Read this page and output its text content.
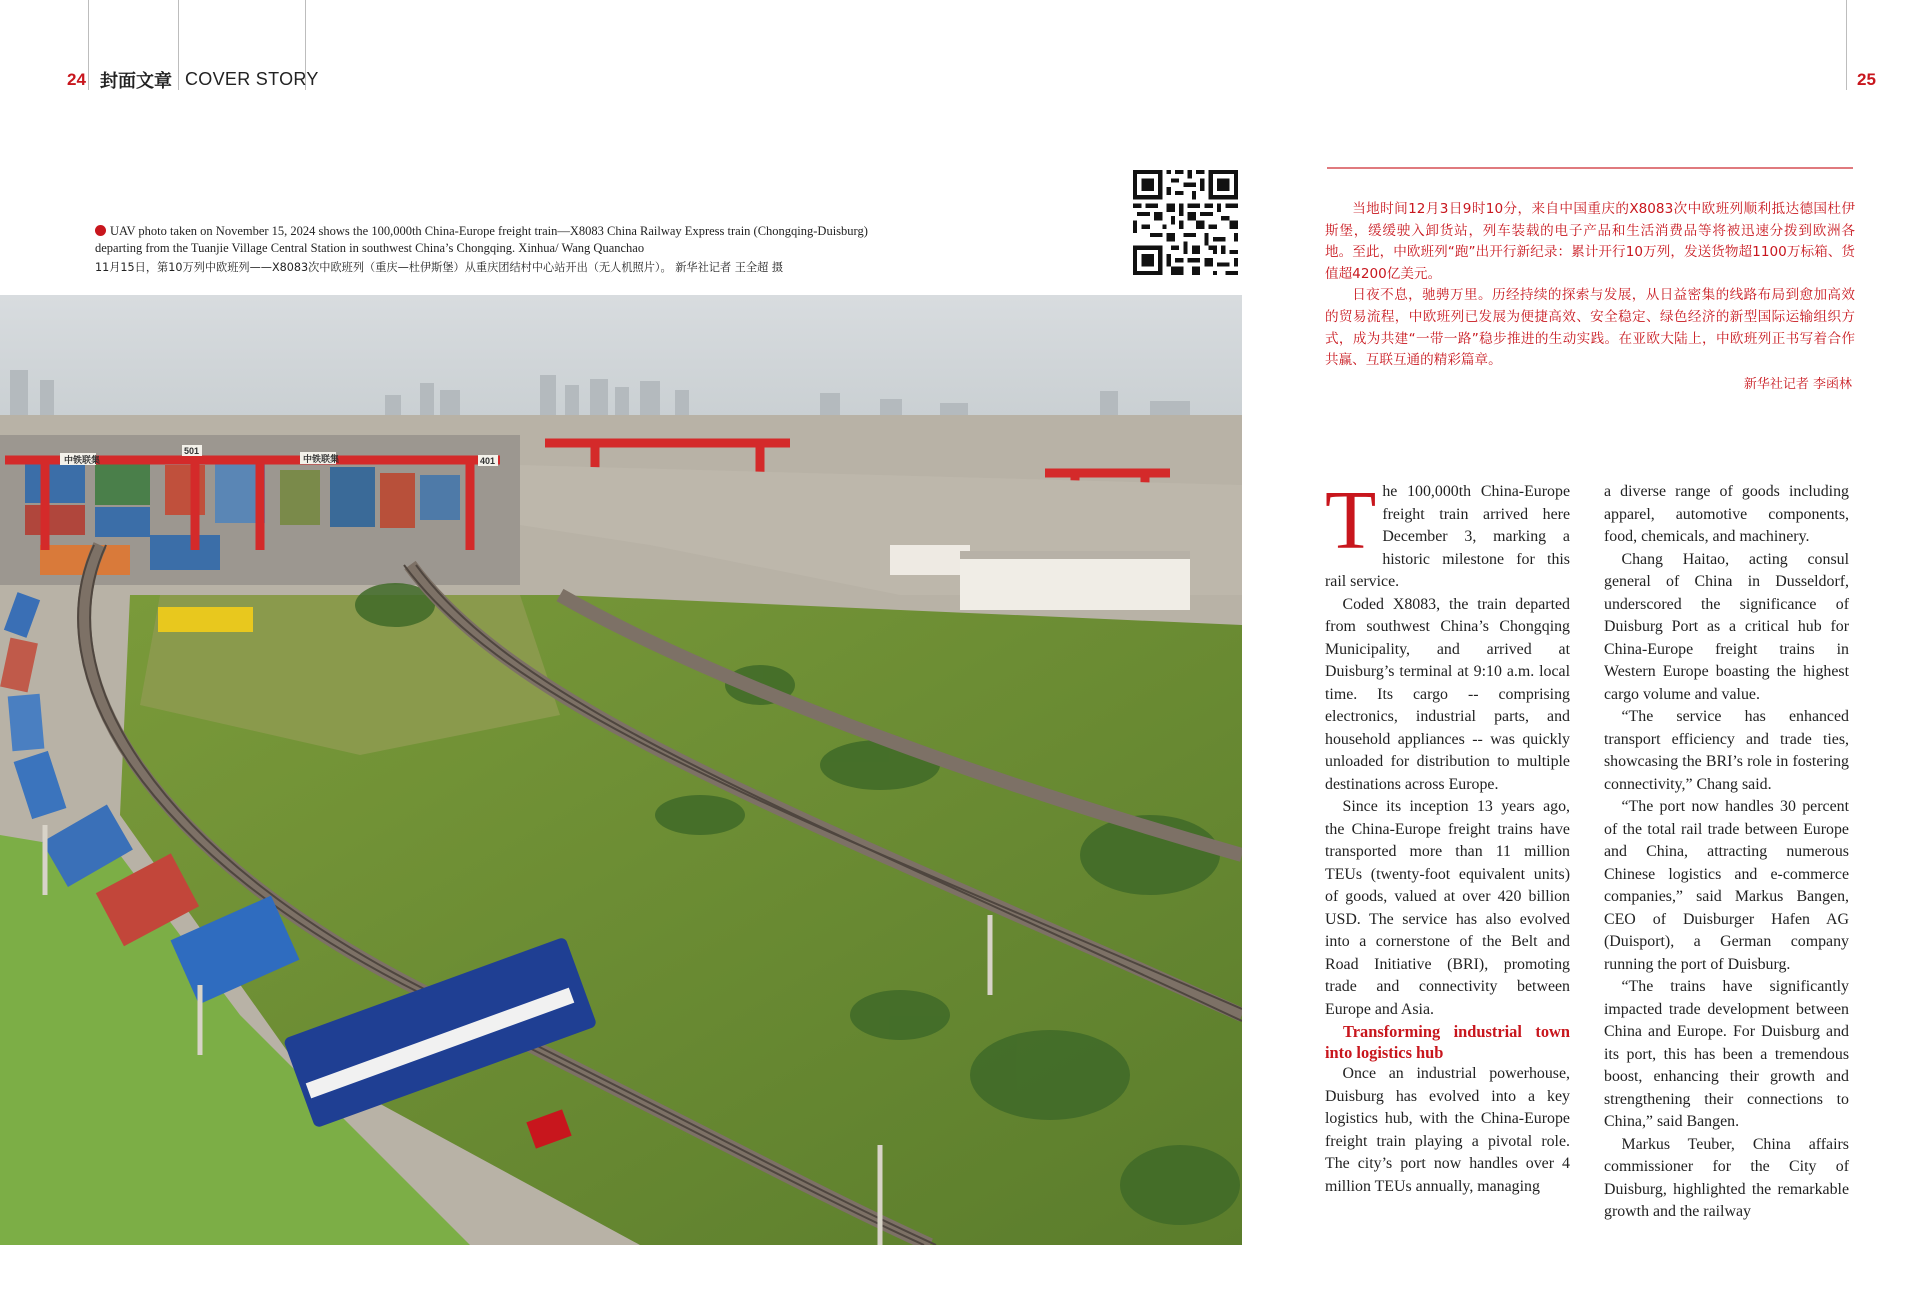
24 封面文章 COVER STORY	25
UAV photo taken on November 15, 2024 shows the 100,000th China-Europe freight train—X8083 China Railway Express train (Chongqing-Duisburg) departing from the Tuanjie Village Central Station in southwest China’s Chongqing. Xinhua/ Wang Quanchao
11月15日，第10万列中欧班列——X8083次中欧班列（重庆—杜伊斯堡）从重庆团结村中心站开出（无人机照片）。 新华社记者 王全超 摄
中铁联集	401
501
中铁联集

当地时间12月3日9时10分，来自中国重庆的X8083次中欧班列顺利抵达德国杜伊斯堡，缓缓驶入卸货站，列车装载的电子产品和生活消费品等将被迅速分拨到欧洲各地。至此，中欧班列“跑”出开行新纪录：累计开行10万列，发送货物超1100万标箱、货值超4200亿美元。

日夜不息，驰骋万里。历经持续的探索与发展，从日益密集的线路布局到愈加高效的贸易流程，中欧班列已发展为便捷高效、安全稳定、绿色经济的新型国际运输组织方式，成为共建“一带一路”稳步推进的生动实践。在亚欧大陆上，中欧班列正书写着合作共赢、互联互通的精彩篇章。

新华社记者 李函林

The 100,000th China-Europe freight train arrived here December 3, marking a historic milestone for this rail service.

Coded X8083, the train departed from southwest China’s Chongqing Municipality, and arrived at Duisburg’s terminal at 9:10 a.m. local time. Its cargo -- comprising electronics, industrial parts, and household appliances -- was quickly unloaded for distribution to multiple destinations across Europe.

Since its inception 13 years ago, the China-Europe freight trains have transported more than 11 million TEUs (twenty-foot equivalent units) of goods, valued at over 420 billion USD. The service has also evolved into a cornerstone of the Belt and Road Initiative (BRI), promoting trade and connectivity between Europe and Asia.

Transforming industrial town into logistics hub

Once an industrial powerhouse, Duisburg has evolved into a key logistics hub, with the China-Europe freight train playing a pivotal role. The city’s port now handles over 4 million TEUs annually, managing

a diverse range of goods including apparel, automotive components, food, chemicals, and machinery.

Chang Haitao, acting consul general of China in Dusseldorf, underscored the significance of Duisburg Port as a critical hub for China-Europe freight trains in Western Europe boasting the highest cargo volume and value.

“The service has enhanced transport efficiency and trade ties, showcasing the BRI’s role in fostering connectivity,” Chang said.

“The port now handles 30 percent of the total rail trade between Europe and China, attracting numerous Chinese logistics and e-commerce companies,” said Markus Bangen, CEO of Duisburger Hafen AG (Duisport), a German company running the port of Duisburg.

“The trains have significantly impacted trade development between China and Europe. For Duisburg and its port, this has been a tremendous boost, enhancing their growth and strengthening their connections to China,” said Bangen.

Markus Teuber, China affairs commissioner for the City of Duisburg, highlighted the remarkable growth and the railway
